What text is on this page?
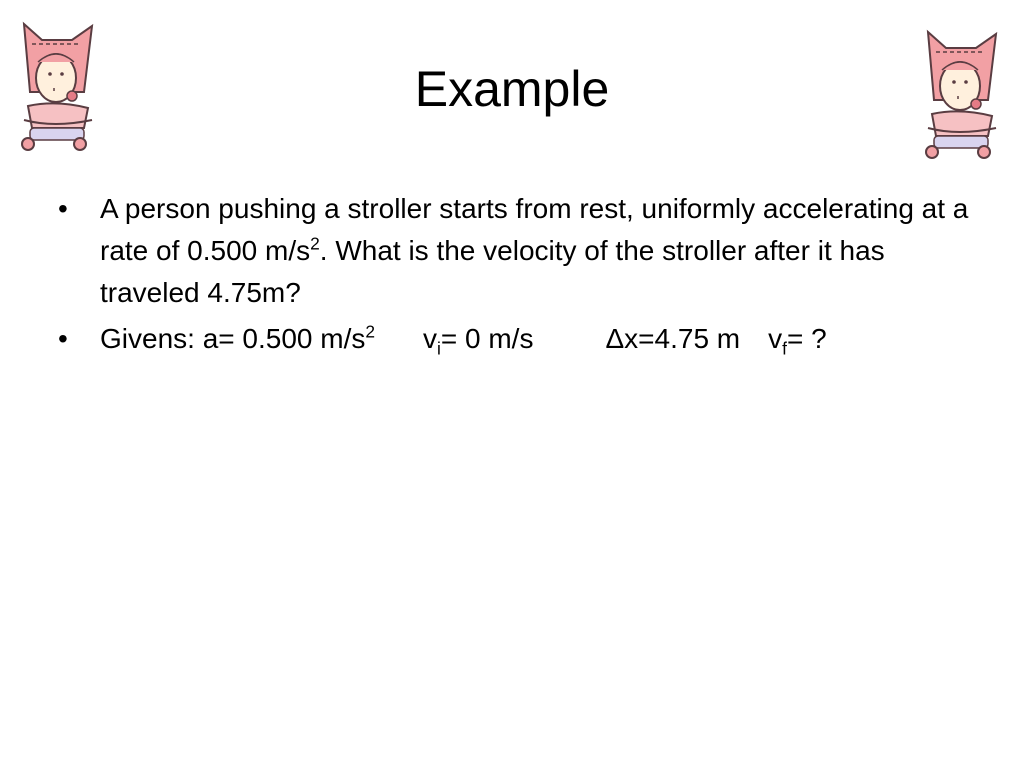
Example
•	A person pushing a stroller starts from rest, uniformly accelerating at a rate of 0.500 $m/s^2$. What is the velocity of the stroller after it has traveled 4.75m?
•	Givens: a= 0.500 $m/s^2$ $v_i= 0$ m/s	Δx=4.75 m $v_f=$ ?
